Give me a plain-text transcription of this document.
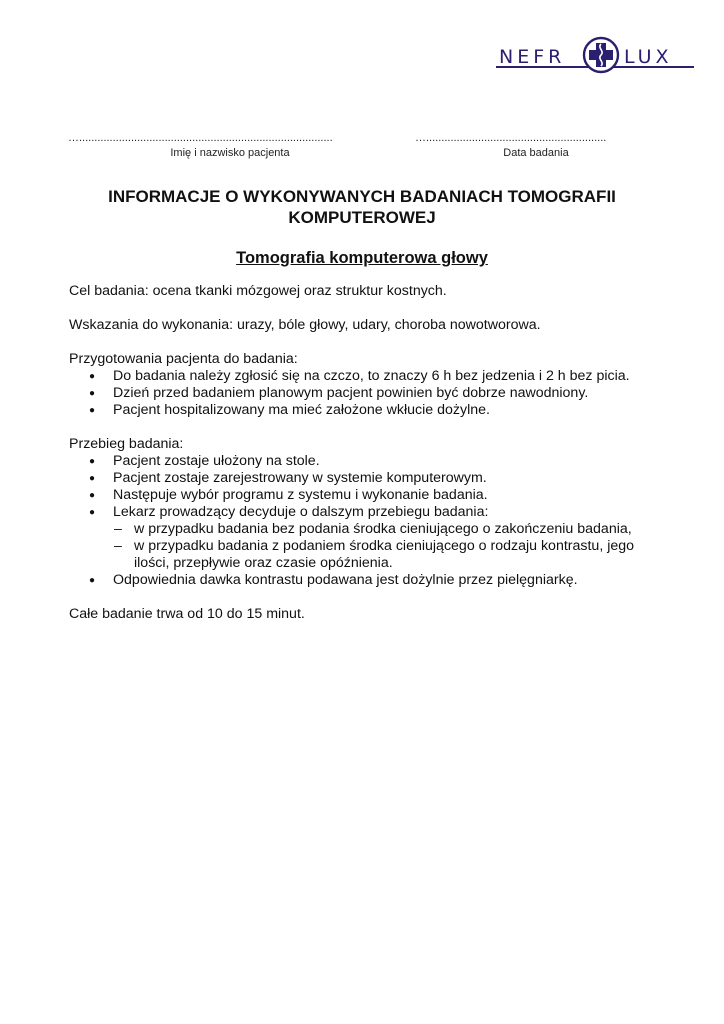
NEFR	LUX
…...................................................................................
Imię i nazwisko pacjenta
…...........................................................
Data badania
INFORMACJE O WYKONYWANYCH BADANIACH TOMOGRAFII KOMPUTEROWEJ
Tomografia komputerowa głowy

Cel badania: ocena tkanki mózgowej oraz struktur kostnych.

Wskazania do wykonania: urazy, bóle głowy, udary, choroba nowotworowa.

Przygotowania pacjenta do badania:

● Do badania należy zgłosić się na czczo, to znaczy 6 h bez jedzenia i 2 h bez picia.
● Dzień przed badaniem planowym pacjent powinien być dobrze nawodniony.
● Pacjent hospitalizowany ma mieć założone wkłucie dożylne.

Przebieg badania:

● Pacjent zostaje ułożony na stole.
● Pacjent zostaje zarejestrowany w systemie komputerowym.
● Następuje wybór programu z systemu i wykonanie badania.
● Lekarz prowadzący decyduje o dalszym przebiegu badania:
– w przypadku badania bez podania środka cieniującego o zakończeniu badania,
– w przypadku badania z podaniem środka cieniującego o rodzaju kontrastu, jego ilości, przepływie oraz czasie opóźnienia.
● Odpowiednia dawka kontrastu podawana jest dożylnie przez pielęgniarkę.

Całe badanie trwa od 10 do 15 minut.
